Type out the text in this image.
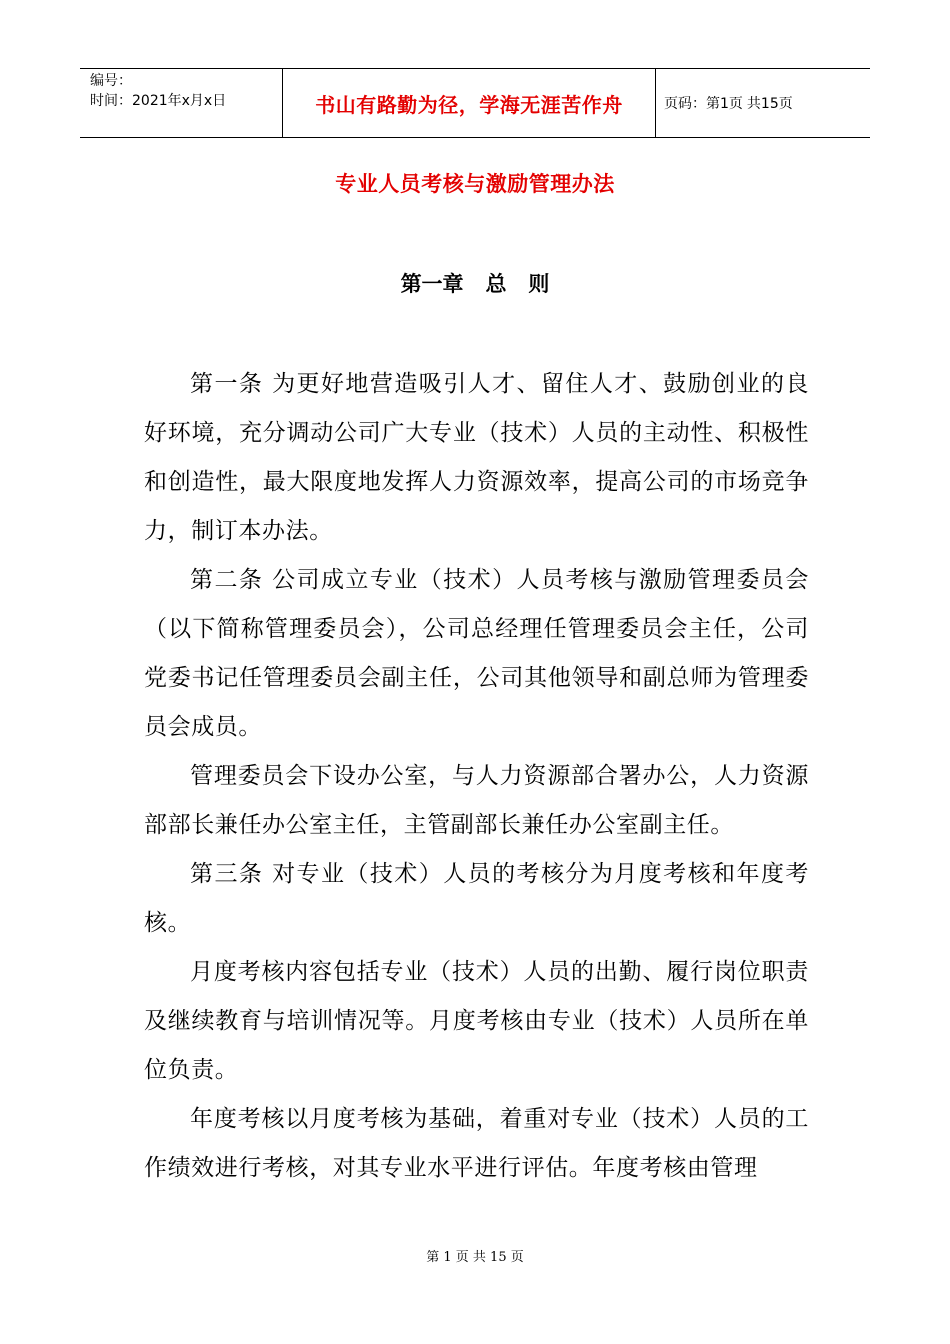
编号：
时间：2021年x月x日	书山有路勤为径，学海无涯苦作舟	页码：第1页 共15页
专业人员考核与激励管理办法
第一章   总   则

第一条 为更好地营造吸引人才、留住人才、鼓励创业的良好环境，充分调动公司广大专业（技术）人员的主动性、积极性和创造性，最大限度地发挥人力资源效率，提高公司的市场竞争力，制订本办法。

第二条 公司成立专业（技术）人员考核与激励管理委员会（以下简称管理委员会），公司总经理任管理委员会主任，公司党委书记任管理委员会副主任，公司其他领导和副总师为管理委员会成员。

管理委员会下设办公室，与人力资源部合署办公，人力资源部部长兼任办公室主任，主管副部长兼任办公室副主任。

第三条 对专业（技术）人员的考核分为月度考核和年度考核。

月度考核内容包括专业（技术）人员的出勤、履行岗位职责及继续教育与培训情况等。月度考核由专业（技术）人员所在单位负责。

年度考核以月度考核为基础，着重对专业（技术）人员的工作绩效进行考核，对其专业水平进行评估。年度考核由管理

第 1 页 共 15 页
